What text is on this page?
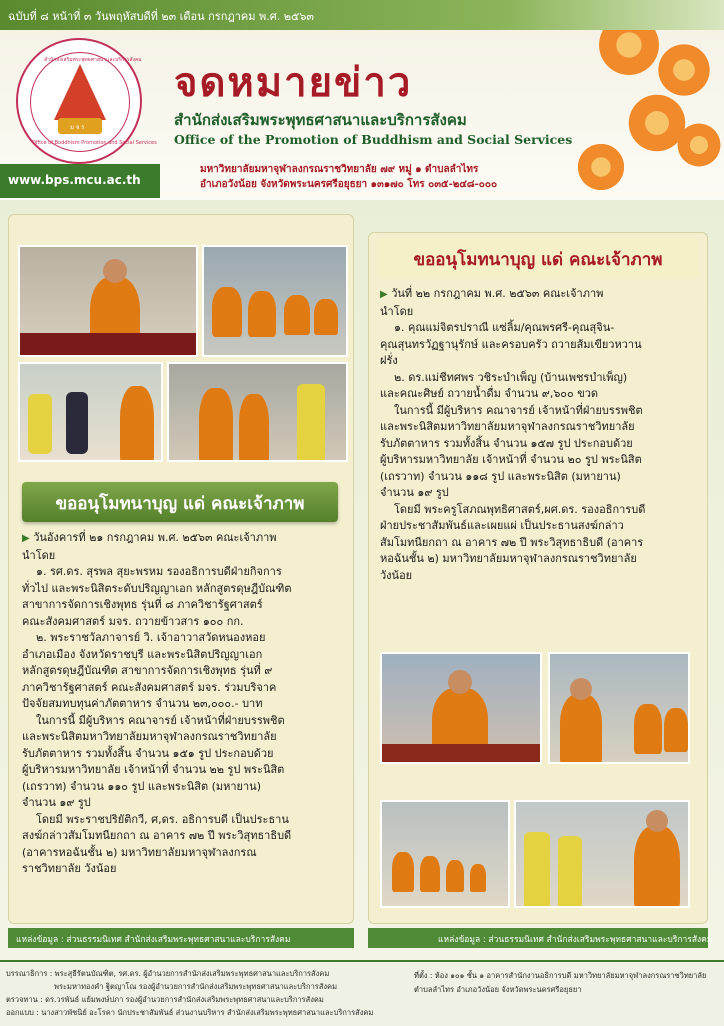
ฉบับที่ ๘ หน้าที่ ๓ วันพฤหัสบดีที่ ๒๓ เดือน กรกฎาคม พ.ศ. ๒๕๖๓
สำนักส่งเสริมพระพุทธศาสนาและบริการสังคม
Office of Buddhism Promotion and Social Services
ม จ ร
จดหมายข่าว
สำนักส่งเสริมพระพุทธศาสนาและบริการสังคม
Office of the Promotion of Buddhism and Social Services
มหาวิทยาลัยมหาจุฬาลงกรณราชวิทยาลัย ๗๙ หมู่ ๑ ตำบลลำไทร
อำเภอวังน้อย จังหวัดพระนครศรีอยุธยา ๑๓๑๗๐ โทร ๐๓๕-๒๔๘-๐๐๐
www.bps.mcu.ac.th
ขออนุโมทนาบุญ แด่ คณะเจ้าภาพ

▶ วันอังคารที่ ๒๑ กรกฎาคม พ.ศ. ๒๕๖๓ คณะเจ้าภาพ

นำโดย

๑. รศ.ดร. สุรพล สุยะพรหม รองอธิการบดีฝ่ายกิจการ

ทั่วไป และพระนิสิตระดับปริญญาเอก หลักสูตรดุษฎีบัณฑิต

สาขาการจัดการเชิงพุทธ รุ่นที่ ๘ ภาควิชารัฐศาสตร์

คณะสังคมศาสตร์ มจร. ถวายข้าวสาร ๑๐๐ กก.

๒. พระราชวัลภาจารย์ วิ. เจ้าอาวาสวัดหนองหอย

อำเภอเมือง จังหวัดราชบุรี และพระนิสิตปริญญาเอก

หลักสูตรดุษฎีบัณฑิต สาขาการจัดการเชิงพุทธ รุ่นที่ ๙

ภาควิชารัฐศาสตร์ คณะสังคมศาสตร์ มจร. ร่วมบริจาค

ปัจจัยสมทบทุนค่าภัตตาหาร จำนวน ๒๓,๐๐๐.- บาท

ในการนี้ มีผู้บริหาร คณาจารย์ เจ้าหน้าที่ฝ่ายบรรพชิต

และพระนิสิตมหาวิทยาลัยมหาจุฬาลงกรณราชวิทยาลัย

รับภัตตาหาร รวมทั้งสิ้น จำนวน ๑๕๑ รูป ประกอบด้วย

ผู้บริหารมหาวิทยาลัย เจ้าหน้าที่ จำนวน ๒๒ รูป พระนิสิต

(เถรวาท) จำนวน ๑๑๐ รูป และพระนิสิต (มหายาน)

จำนวน ๑๙ รูป

โดยมี พระราชปริยัติกวี, ศ,ดร. อธิการบดี เป็นประธาน

สงฆ์กล่าวสัมโมทนียกถา ณ อาคาร ๗๒ ปี พระวิสุทธาธิบดี

(อาคารหอฉันชั้น ๒) มหาวิทยาลัยมหาจุฬาลงกรณ

ราชวิทยาลัย วังน้อย

แหล่งข้อมูล : ส่วนธรรมนิเทศ สำนักส่งเสริมพระพุทธศาสนาและบริการสังคม
ขออนุโมทนาบุญ แด่ คณะเจ้าภาพ

▶ วันที่ ๒๒ กรกฎาคม พ.ศ. ๒๕๖๓ คณะเจ้าภาพ

นำโดย

๑. คุณแม่จิตรปราณี แซ่ลิ้ม/คุณพรศรี-คุณสุจิน-

คุณสุนทรวัฏฐานุรักษ์ และครอบครัว ถวายส้มเขียวหวาน

ฝรั่ง

๒. ดร.แม่ชีทศพร วชิระบำเพ็ญ (บ้านเพชรบำเพ็ญ)

และคณะศิษย์ ถวายน้ำดื่ม จำนวน ๙,๖๐๐ ขวด

ในการนี้ มีผู้บริหาร คณาจารย์ เจ้าหน้าที่ฝ่ายบรรพชิต

และพระนิสิตมหาวิทยาลัยมหาจุฬาลงกรณราชวิทยาลัย

รับภัตตาหาร รวมทั้งสิ้น จำนวน ๑๕๗ รูป ประกอบด้วย

ผู้บริหารมหาวิทยาลัย เจ้าหน้าที่ จำนวน ๒๐ รูป พระนิสิต

(เถรวาท) จำนวน ๑๑๘ รูป และพระนิสิต (มหายาน)

จำนวน ๑๙ รูป

โดยมี พระครูโสภณพุทธิศาสตร์,ผศ.ดร. รองอธิการบดี

ฝ่ายประชาสัมพันธ์และเผยแผ่ เป็นประธานสงฆ์กล่าว

สัมโมทนียกถา ณ อาคาร ๗๒ ปี พระวิสุทธาธิบดี (อาคาร

หอฉันชั้น ๒) มหาวิทยาลัยมหาจุฬาลงกรณราชวิทยาลัย

วังน้อย

แหล่งข้อมูล : ส่วนธรรมนิเทศ สำนักส่งเสริมพระพุทธศาสนาและบริการสังคม
บรรณาธิการ : พระสุธีรัตนบัณฑิต, รศ.ดร. ผู้อำนวยการสำนักส่งเสริมพระพุทธศาสนาและบริการสังคม
พระมหาทองคำ ฐิตญาโณ รองผู้อำนวยการสำนักส่งเสริมพระพุทธศาสนาและบริการสังคม
ตรวจทาน : ดร.วรพันธ์ แย้มพงษ์ปภา รองผู้อำนวยการสำนักส่งเสริมพระพุทธศาสนาและบริการสังคม
ออกแบบ : นางสาวพัชนิย์ อะโรคา นักประชาสัมพันธ์ ส่วนงานบริหาร สำนักส่งเสริมพระพุทธศาสนาและบริการสังคม
ที่ตั้ง : ห้อง ๑๐๑ ชั้น ๑ อาคารสำนักงานอธิการบดี มหาวิทยาลัยมหาจุฬาลงกรณราชวิทยาลัย
ตำบลลำไทร อำเภอวังน้อย จังหวัดพระนครศรีอยุธยา
